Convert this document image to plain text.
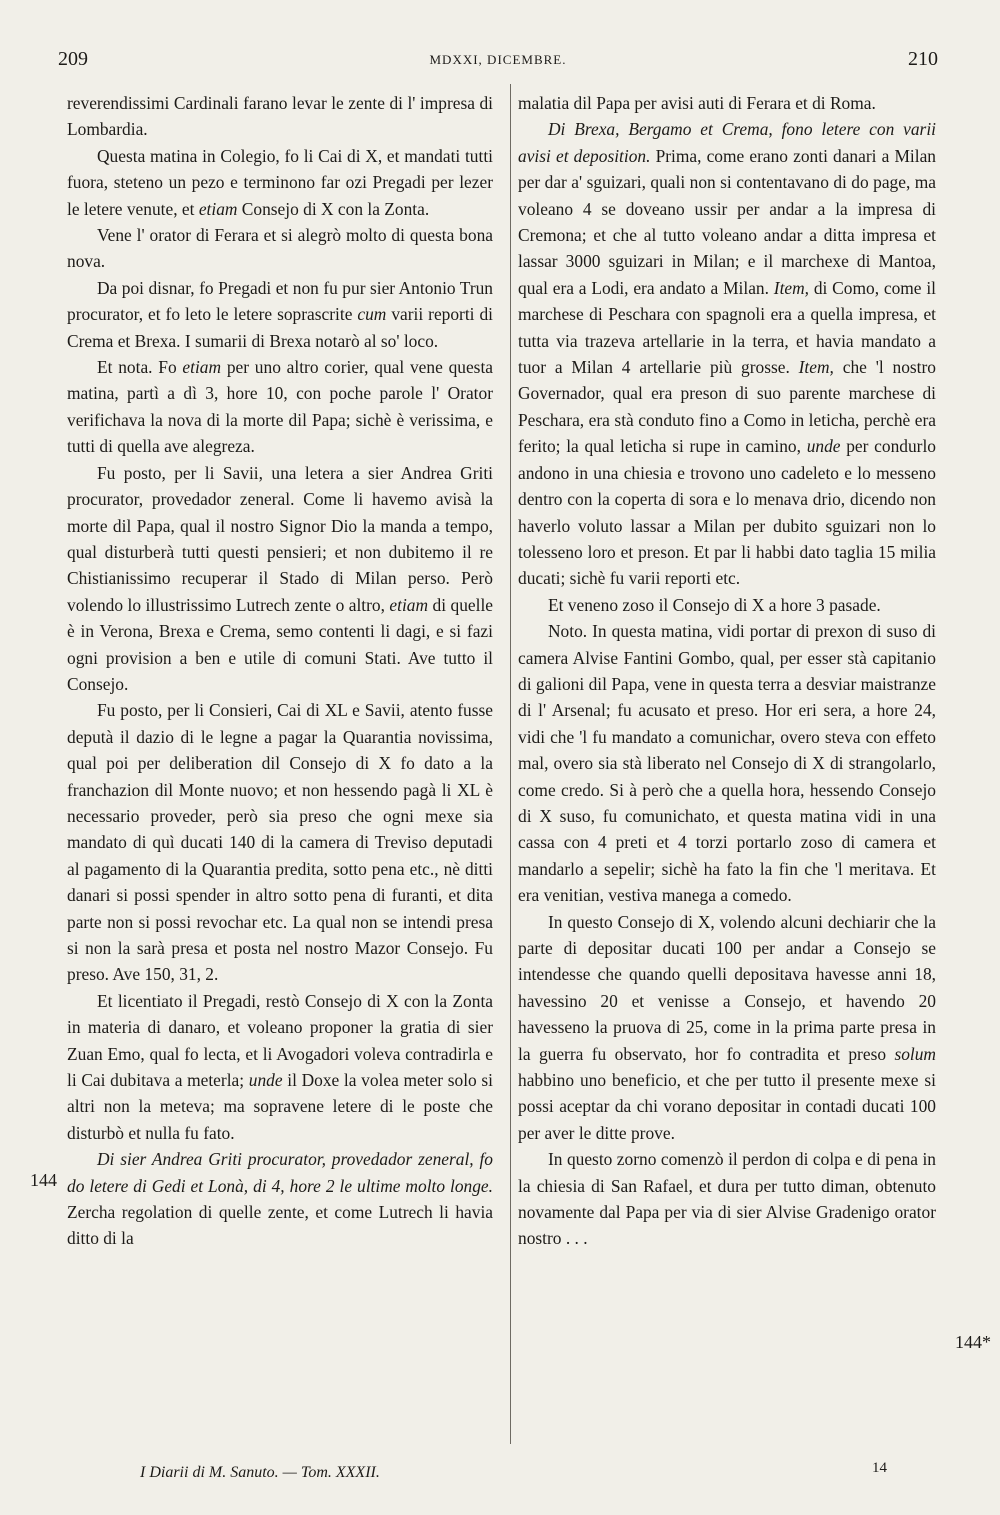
209	MDXXI, DICEMBRE.	210

reverendissimi Cardinali farano levar le zente di l' impresa di Lombardia.

Questa matina in Colegio, fo li Cai di X, et mandati tutti fuora, steteno un pezo e terminono far ozi Pregadi per lezer le letere venute, et etiam Consejo di X con la Zonta.

Vene l' orator di Ferara et si alegrò molto di questa bona nova.

Da poi disnar, fo Pregadi et non fu pur sier Antonio Trun procurator, et fo leto le letere soprascrite cum varii reporti di Crema et Brexa. I sumarii di Brexa notarò al so' loco.

Et nota. Fo etiam per uno altro corier, qual vene questa matina, partì a dì 3, hore 10, con poche parole l' Orator verifichava la nova di la morte dil Papa; sichè è verissima, e tutti di quella ave alegreza.

Fu posto, per li Savii, una letera a sier Andrea Griti procurator, provedador zeneral. Come li havemo avisà la morte dil Papa, qual il nostro Signor Dio la manda a tempo, qual disturberà tutti questi pensieri; et non dubitemo il re Chistianissimo recuperar il Stado di Milan perso. Però volendo lo illustrissimo Lutrech zente o altro, etiam di quelle è in Verona, Brexa e Crema, semo contenti li dagi, e si fazi ogni provision a ben e utile di comuni Stati. Ave tutto il Consejo.

Fu posto, per li Consieri, Cai di XL e Savii, atento fusse deputà il dazio di le legne a pagar la Quarantia novissima, qual poi per deliberation dil Consejo di X fo dato a la franchazion dil Monte nuovo; et non hessendo pagà li XL è necessario proveder, però sia preso che ogni mexe sia mandato di quì ducati 140 di la camera di Treviso deputadi al pagamento di la Quarantia predita, sotto pena etc., nè ditti danari si possi spender in altro sotto pena di furanti, et dita parte non si possi revochar etc. La qual non se intendi presa si non la sarà presa et posta nel nostro Mazor Consejo. Fu preso. Ave 150, 31, 2.

Et licentiato il Pregadi, restò Consejo di X con la Zonta in materia di danaro, et voleano proponer la gratia di sier Zuan Emo, qual fo lecta, et li Avogadori voleva contradirla e li Cai dubitava a meterla; unde il Doxe la volea meter solo si altri non la meteva; ma sopravene letere di le poste che disturbò et nulla fu fato.

Di sier Andrea Griti procurator, provedador zeneral, fo do letere di Gedi et Lonà, di 4, hore 2 le ultime molto longe. Zercha regolation di quelle zente, et come Lutrech li havia ditto di la

malatia dil Papa per avisi auti di Ferara et di Roma.

Di Brexa, Bergamo et Crema, fono letere con varii avisi et deposition. Prima, come erano zonti danari a Milan per dar a' sguizari, quali non si contentavano di do page, ma voleano 4 se doveano ussir per andar a la impresa di Cremona; et che al tutto voleano andar a ditta impresa et lassar 3000 sguizari in Milan; e il marchexe di Mantoa, qual era a Lodi, era andato a Milan. Item, di Como, come il marchese di Peschara con spagnoli era a quella impresa, et tutta via trazeva artellarie in la terra, et havia mandato a tuor a Milan 4 artellarie più grosse. Item, che 'l nostro Governador, qual era preson di suo parente marchese di Peschara, era stà conduto fino a Como in leticha, perchè era ferito; la qual leticha si rupe in camino, unde per condurlo andono in una chiesia e trovono uno cadeleto e lo messeno dentro con la coperta di sora e lo menava drio, dicendo non haverlo voluto lassar a Milan per dubito sguizari non lo tolesseno loro et preson. Et par li habbi dato taglia 15 milia ducati; sichè fu varii reporti etc.

Et veneno zoso il Consejo di X a hore 3 pasade.

Noto. In questa matina, vidi portar di prexon di suso di camera Alvise Fantini Gombo, qual, per esser stà capitanio di galioni dil Papa, vene in questa terra a desviar maistranze di l' Arsenal; fu acusato et preso. Hor eri sera, a hore 24, vidi che 'l fu mandato a comunichar, overo steva con effeto mal, overo sia stà liberato nel Consejo di X di strangolarlo, come credo. Si à però che a quella hora, hessendo Consejo di X suso, fu comunichato, et questa matina vidi in una cassa con 4 preti et 4 torzi portarlo zoso di camera et mandarlo a sepelir; sichè ha fato la fin che 'l meritava. Et era venitian, vestiva manega a comedo.

In questo Consejo di X, volendo alcuni dechiarir che la parte di depositar ducati 100 per andar a Consejo se intendesse che quando quelli depositava havesse anni 18, havessino 20 et venisse a Consejo, et havendo 20 havesseno la pruova di 25, come in la prima parte presa in la guerra fu observato, hor fo contradita et preso solum habbino uno beneficio, et che per tutto il presente mexe si possi aceptar da chi vorano depositar in contadi ducati 100 per aver le ditte prove.

In questo zorno comenzò il perdon di colpa e di pena in la chiesia di San Rafael, et dura per tutto diman, obtenuto novamente dal Papa per via di sier Alvise Gradenigo orator nostro . . .

144
144*
I Diarii di M. Sanuto. — Tom. XXXII.	14
